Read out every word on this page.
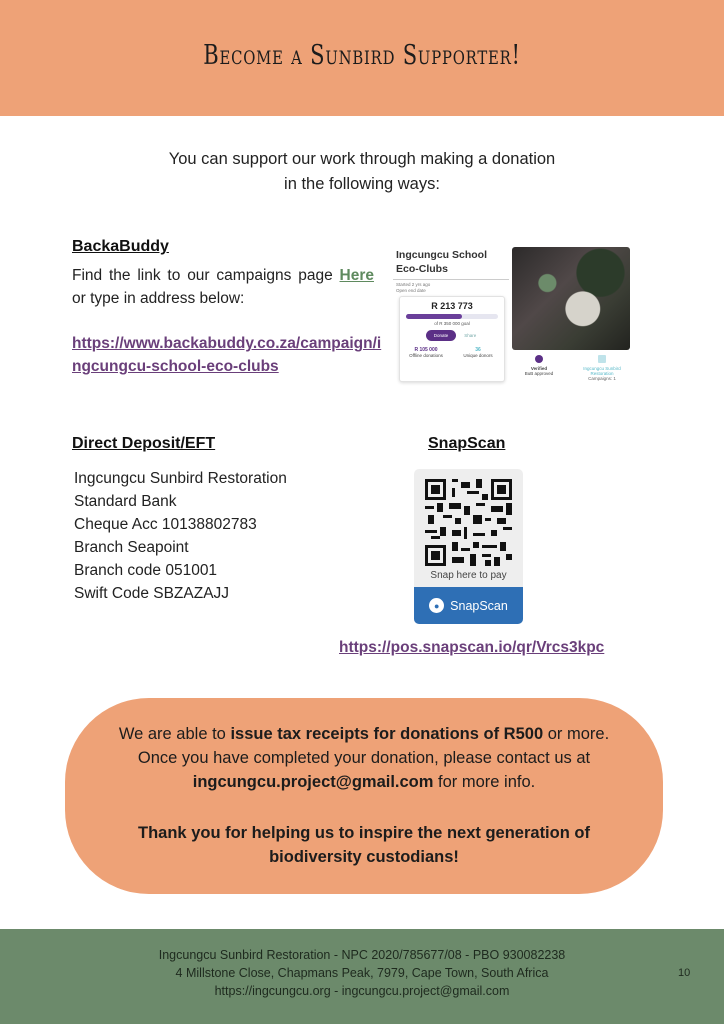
Become a Sunbird Supporter!
You can support our work through making a donation
in the following ways:
BackaBuddy
Find the link to our campaigns page Here or type in address below:
https://www.backabuddy.co.za/campaign/ingcungcu-school-eco-clubs
Ingcungcu School
Eco-Clubs
Started 2 yrs ago
Open end date
R 213 773
of R 350 000 goal
Donate	Share
R 105 000
Offline donations
36
Unique donors
Verified
BuB approved
Ingcungcu Sunbird Restoration
Campaigns: 1
Direct Deposit/EFT
Ingcungcu Sunbird Restoration
Standard Bank
Cheque Acc 10138802783
Branch Seapoint
Branch code 051001
Swift Code SBZAZAJJ
SnapScan
Snap here to pay
● SnapScan
https://pos.snapscan.io/qr/Vrcs3kpc
We are able to issue tax receipts for donations of R500 or more.
Once you have completed your donation, please contact us at
ingcungcu.project@gmail.com for more info.
Thank you for helping us to inspire the next generation of
biodiversity custodians!
Ingcungcu Sunbird Restoration - NPC 2020/785677/08 - PBO 930082238
4 Millstone Close, Chapmans Peak, 7979, Cape Town, South Africa
https://ingcungcu.org - ingcungcu.project@gmail.com
10
